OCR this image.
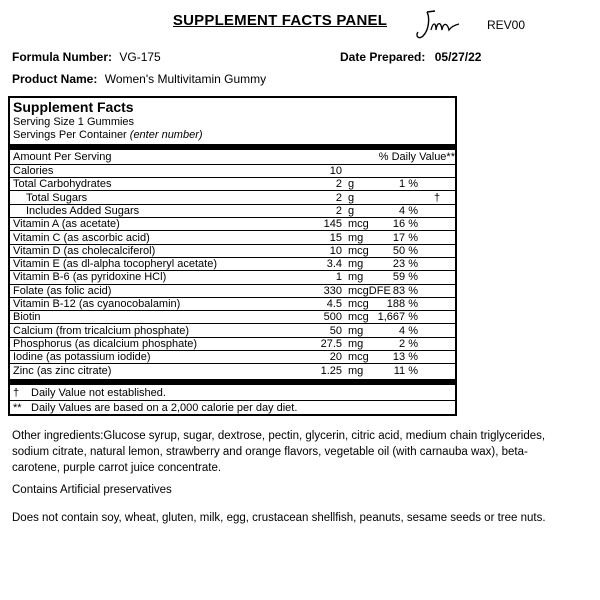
SUPPLEMENT FACTS PANEL	REV00
Formula Number: VG-175	Date Prepared: 05/27/22
Product Name: Women's Multivitamin Gummy
Supplement Facts
Serving Size 1 Gummies
Servings Per Container (enter number)
Amount Per Serving	% Daily Value**
Calories	10
Total Carbohydrates	2 g	1 %
Total Sugars	2 g	†
Includes Added Sugars	2 g	4 %
Vitamin A (as acetate)	145 mcg 16 %
Vitamin C (as ascorbic acid)	15 mg	17 %
Vitamin D (as cholecalciferol)	10 mcg 50 %
Vitamin E (as dl-alpha tocopheryl acetate)	3.4 mg	23 %
Vitamin B-6 (as pyridoxine HCl)	1 mg	59 %
Folate (as folic acid)	330 mcgDFE 83 %
Vitamin B-12 (as cyanocobalamin)	4.5 mcg 188 %
Biotin	500 mcg 1,667 %
Calcium (from tricalcium phosphate)	50 mg	4 %
Phosphorus (as dicalcium phosphate)	27.5 mg	2 %
Iodine (as potassium iodide)	20 mcg 13 %
Zinc (as zinc citrate)	1.25 mg	11 %
† Daily Value not established.
** Daily Values are based on a 2,000 calorie per day diet.
Other ingredients:Glucose syrup, sugar, dextrose, pectin, glycerin, citric acid, medium chain triglycerides, sodium citrate, natural lemon, strawberry and orange flavors, vegetable oil (with carnauba wax), beta-carotene, purple carrot juice concentrate.
Contains Artificial preservatives
Does not contain soy, wheat, gluten, milk, egg, crustacean shellfish, peanuts, sesame seeds or tree nuts.
